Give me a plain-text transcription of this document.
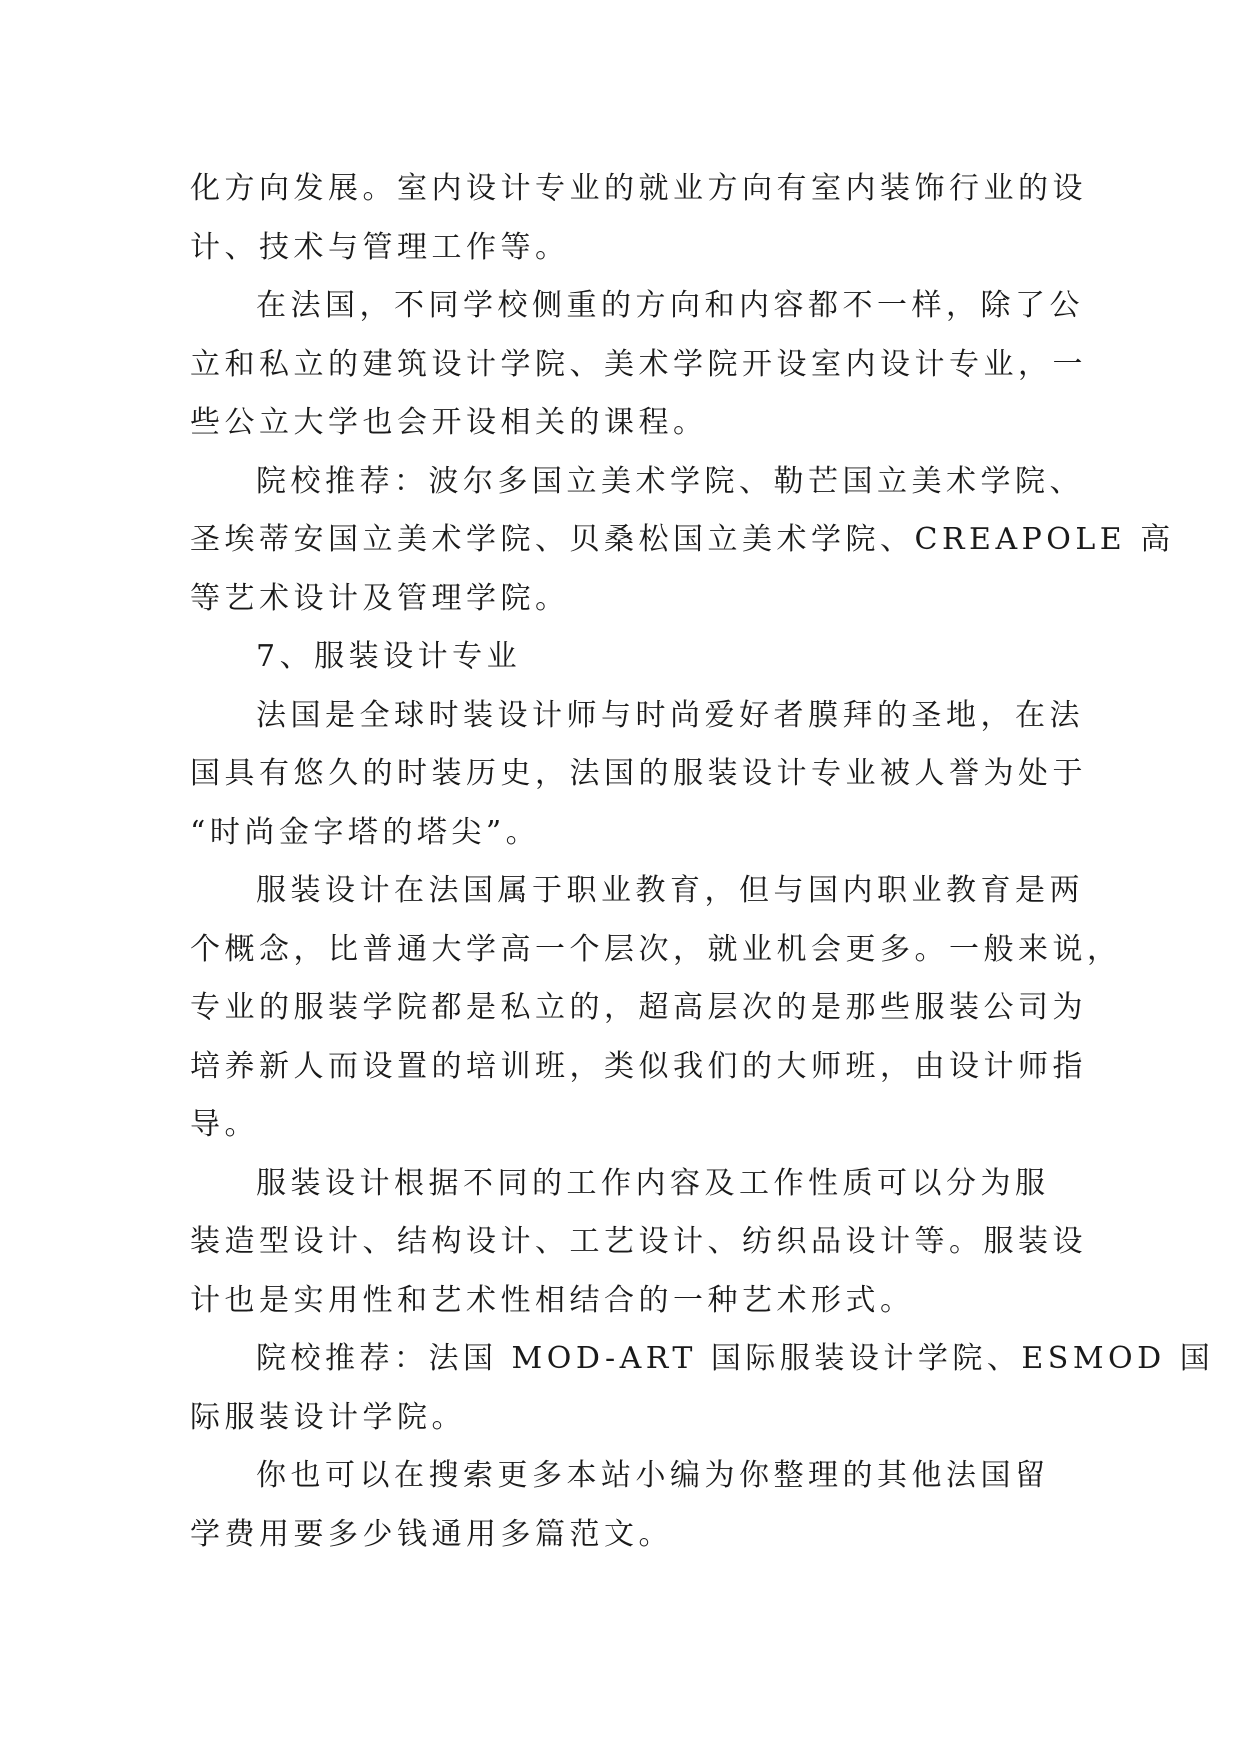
化方向发展。室内设计专业的就业方向有室内装饰行业的设
计、技术与管理工作等。

在法国，不同学校侧重的方向和内容都不一样，除了公
立和私立的建筑设计学院、美术学院开设室内设计专业，一
些公立大学也会开设相关的课程。

院校推荐：波尔多国立美术学院、勒芒国立美术学院、
圣埃蒂安国立美术学院、贝桑松国立美术学院、CREAPOLE 高
等艺术设计及管理学院。

7、服装设计专业

法国是全球时装设计师与时尚爱好者膜拜的圣地，在法
国具有悠久的时装历史，法国的服装设计专业被人誉为处于
“时尚金字塔的塔尖”。

服装设计在法国属于职业教育，但与国内职业教育是两
个概念，比普通大学高一个层次，就业机会更多。一般来说，
专业的服装学院都是私立的，超高层次的是那些服装公司为
培养新人而设置的培训班，类似我们的大师班，由设计师指
导。

服装设计根据不同的工作内容及工作性质可以分为服
装造型设计、结构设计、工艺设计、纺织品设计等。服装设
计也是实用性和艺术性相结合的一种艺术形式。

院校推荐：法国 MOD-ART 国际服装设计学院、ESMOD 国
际服装设计学院。

你也可以在搜索更多本站小编为你整理的其他法国留
学费用要多少钱通用多篇范文。
